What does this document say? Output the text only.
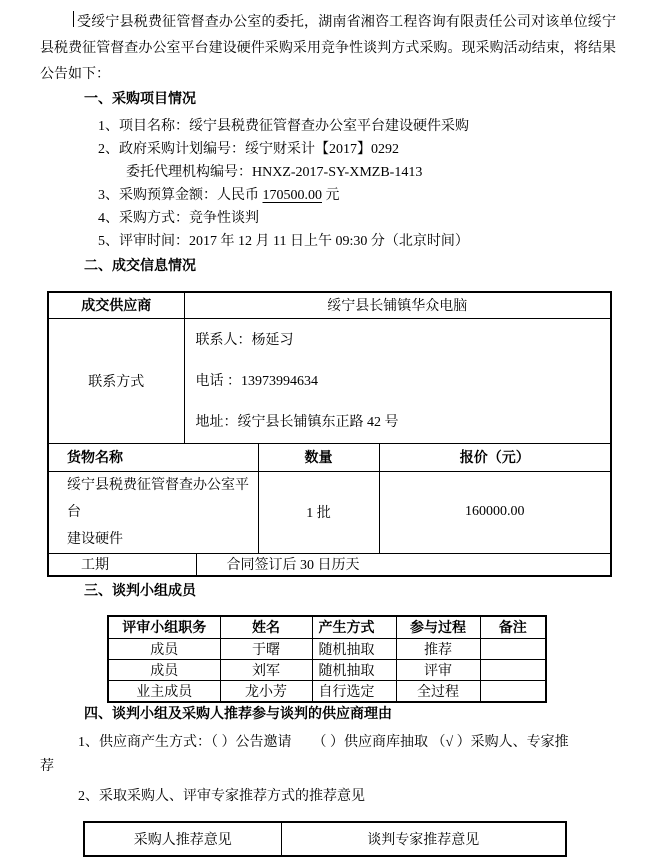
受绥宁县税费征管督查办公室的委托，湖南省湘咨工程咨询有限责任公司对该单位绥宁县税费征管督查办公室平台建设硬件采购采用竞争性谈判方式采购。现采购活动结束，将结果公告如下：

一、采购项目情况
1、项目名称：绥宁县税费征管督查办公室平台建设硬件采购
2、政府采购计划编号：绥宁财采计【2017】0292
委托代理机构编号：HNXZ-2017-SY-XMZB-1413
3、采购预算金额：人民币 170500.00 元
4、采购方式：竞争性谈判
5、评审时间：2017 年 12 月 11 日上午 09:30 分（北京时间）
二、成交信息情况
成交供应商	绥宁县长铺镇华众电脑			
联系方式	联系人：杨延习
电话 ：13973994634
地址：绥宁县长铺镇东正路 42 号			

货物名称			数量	报价（元）

绥宁县税费征管督查办公室平台
建设硬件			1 批	160000.00
工期		合同签订后 30 日历天		
三、谈判小组成员
评审小组职务	姓名	产生方式	参与过程	备注
成员	于曙	随机抽取	推荐	
成员	刘军	随机抽取	评审	
业主成员	龙小芳	自行选定	全过程	
四、谈判小组及采购人推荐参与谈判的供应商理由
1、供应商产生方式：（ ）公告邀请　　（ ）供应商库抽取 （√ ）采购人、专家推
荐
2、采取采购人、评审专家推荐方式的推荐意见
采购人推荐意见	谈判专家推荐意见
